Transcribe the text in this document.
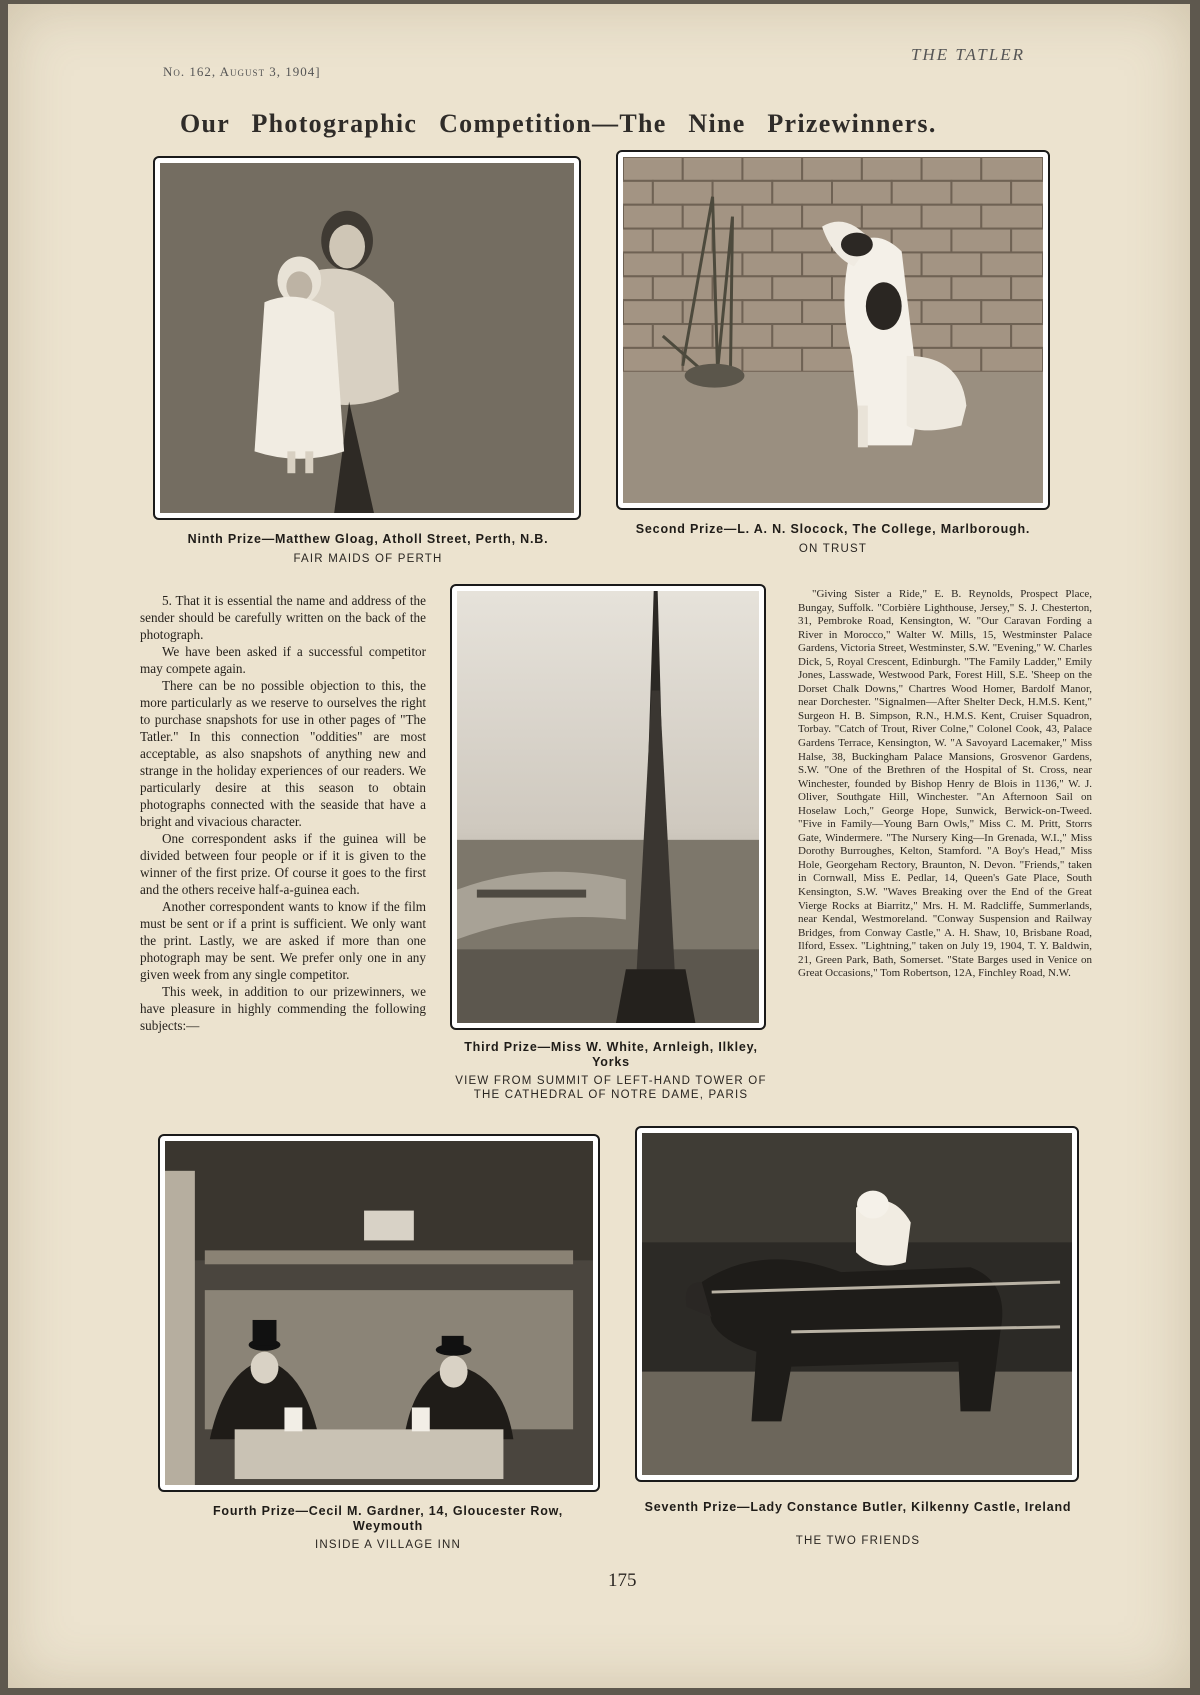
No. 162, August 3, 1904]
THE TATLER
Our Photographic Competition—The Nine Prizewinners.
Ninth Prize—Matthew Gloag, Atholl Street, Perth, N.B.
FAIR MAIDS OF PERTH
Second Prize—L. A. N. Slocock, The College, Marlborough.
ON TRUST

5. That it is essential the name and address of the sender should be carefully written on the back of the photograph.

We have been asked if a successful competitor may compete again.

There can be no possible objection to this, the more particularly as we reserve to ourselves the right to purchase snapshots for use in other pages of "The Tatler." In this connection "oddities" are most acceptable, as also snapshots of anything new and strange in the holiday experiences of our readers. We particularly desire at this season to obtain photographs connected with the seaside that have a bright and vivacious character.

One correspondent asks if the guinea will be divided between four people or if it is given to the winner of the first prize. Of course it goes to the first and the others receive half-a-guinea each.

Another correspondent wants to know if the film must be sent or if a print is sufficient. We only want the print. Lastly, we are asked if more than one photograph may be sent. We prefer only one in any given week from any single competitor.

This week, in addition to our prizewinners, we have pleasure in highly commending the following subjects:—

Third Prize—Miss W. White, Arnleigh, Ilkley, Yorks
VIEW FROM SUMMIT OF LEFT-HAND TOWER OF THE CATHEDRAL OF NOTRE DAME, PARIS
"Giving Sister a Ride," E. B. Reynolds, Prospect Place, Bungay, Suffolk. "Corbière Lighthouse, Jersey," S. J. Chesterton, 31, Pembroke Road, Kensington, W. "Our Caravan Fording a River in Morocco," Walter W. Mills, 15, Westminster Palace Gardens, Victoria Street, Westminster, S.W. "Evening," W. Charles Dick, 5, Royal Crescent, Edinburgh. "The Family Ladder," Emily Jones, Lasswade, Westwood Park, Forest Hill, S.E. 'Sheep on the Dorset Chalk Downs," Chartres Wood Homer, Bardolf Manor, near Dorchester. "Signalmen—After Shelter Deck, H.M.S. Kent," Surgeon H. B. Simpson, R.N., H.M.S. Kent, Cruiser Squadron, Torbay. "Catch of Trout, River Colne," Colonel Cook, 43, Palace Gardens Terrace, Kensington, W. "A Savoyard Lacemaker," Miss Halse, 38, Buckingham Palace Mansions, Grosvenor Gardens, S.W. "One of the Brethren of the Hospital of St. Cross, near Winchester, founded by Bishop Henry de Blois in 1136," W. J. Oliver, Southgate Hill, Winchester. "An Afternoon Sail on Hoselaw Loch," George Hope, Sunwick, Berwick-on-Tweed. "Five in Family—Young Barn Owls," Miss C. M. Pritt, Storrs Gate, Windermere. "The Nursery King—In Grenada, W.I.," Miss Dorothy Burroughes, Kelton, Stamford. "A Boy's Head," Miss Hole, Georgeham Rectory, Braunton, N. Devon. "Friends," taken in Cornwall, Miss E. Pedlar, 14, Queen's Gate Place, South Kensington, S.W. "Waves Breaking over the End of the Great Vierge Rocks at Biarritz," Mrs. H. M. Radcliffe, Summerlands, near Kendal, Westmoreland. "Conway Suspension and Railway Bridges, from Conway Castle," A. H. Shaw, 10, Brisbane Road, Ilford, Essex. "Lightning," taken on July 19, 1904, T. Y. Baldwin, 21, Green Park, Bath, Somerset. "State Barges used in Venice on Great Occasions," Tom Robertson, 12A, Finchley Road, N.W.
Fourth Prize—Cecil M. Gardner, 14, Gloucester Row, Weymouth
INSIDE A VILLAGE INN
Seventh Prize—Lady Constance Butler, Kilkenny Castle, Ireland
THE TWO FRIENDS
175
